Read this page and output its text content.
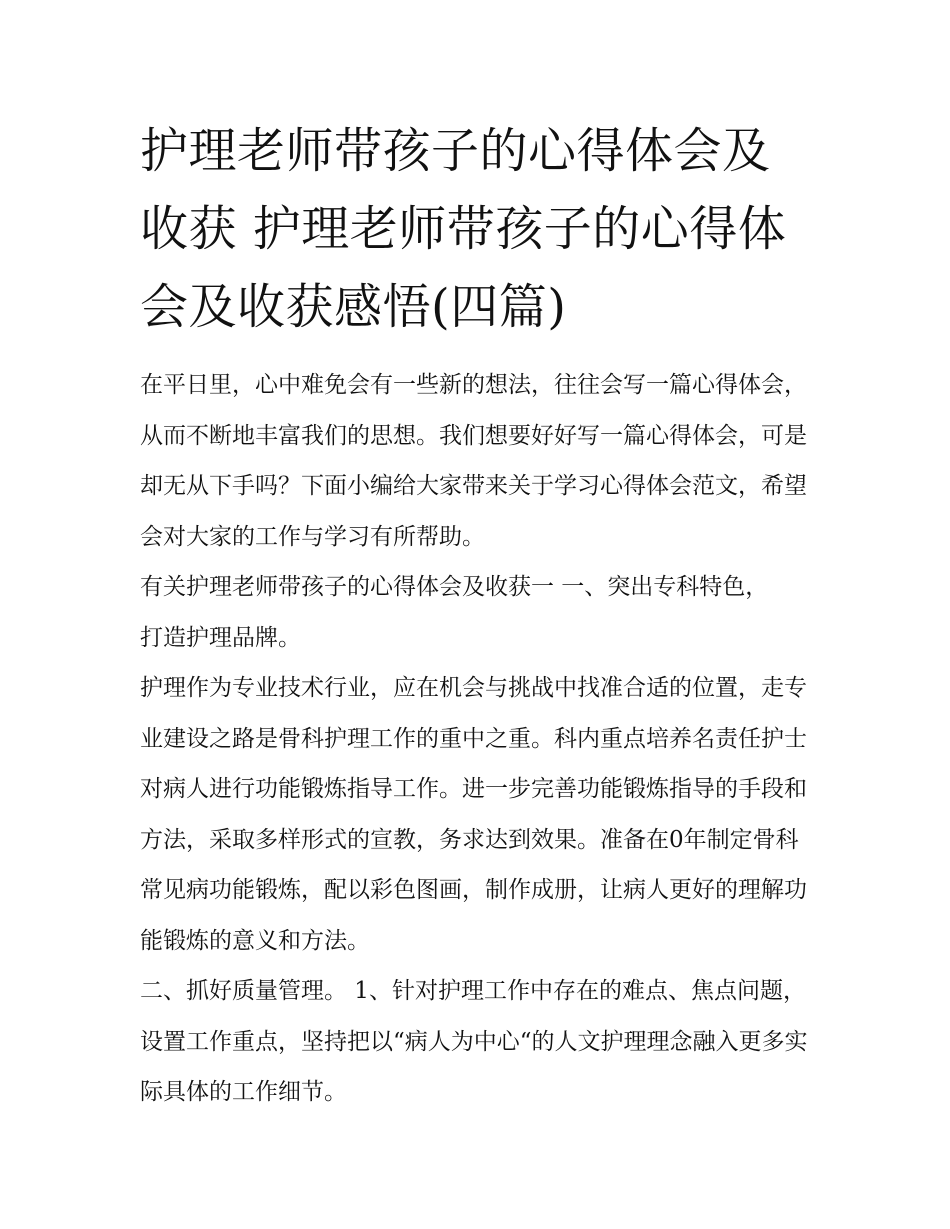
护理老师带孩子的心得体会及收获 护理老师带孩子的心得体会及收获感悟(四篇)

在平日里，心中难免会有一些新的想法，往往会写一篇心得体会，从而不断地丰富我们的思想。我们想要好好写一篇心得体会，可是却无从下手吗？下面小编给大家带来关于学习心得体会范文，希望会对大家的工作与学习有所帮助。

有关护理老师带孩子的心得体会及收获一 一、突出专科特色，打造护理品牌。

护理作为专业技术行业，应在机会与挑战中找准合适的位置，走专业建设之路是骨科护理工作的重中之重。科内重点培养名责任护士对病人进行功能锻炼指导工作。进一步完善功能锻炼指导的手段和方法，采取多样形式的宣教，务求达到效果。准备在0年制定骨科常见病功能锻炼，配以彩色图画，制作成册，让病人更好的理解功能锻炼的意义和方法。

二、抓好质量管理。 1、针对护理工作中存在的难点、焦点问题，设置工作重点，坚持把以“病人为中心“的人文护理理念融入更多实际具体的工作细节。
